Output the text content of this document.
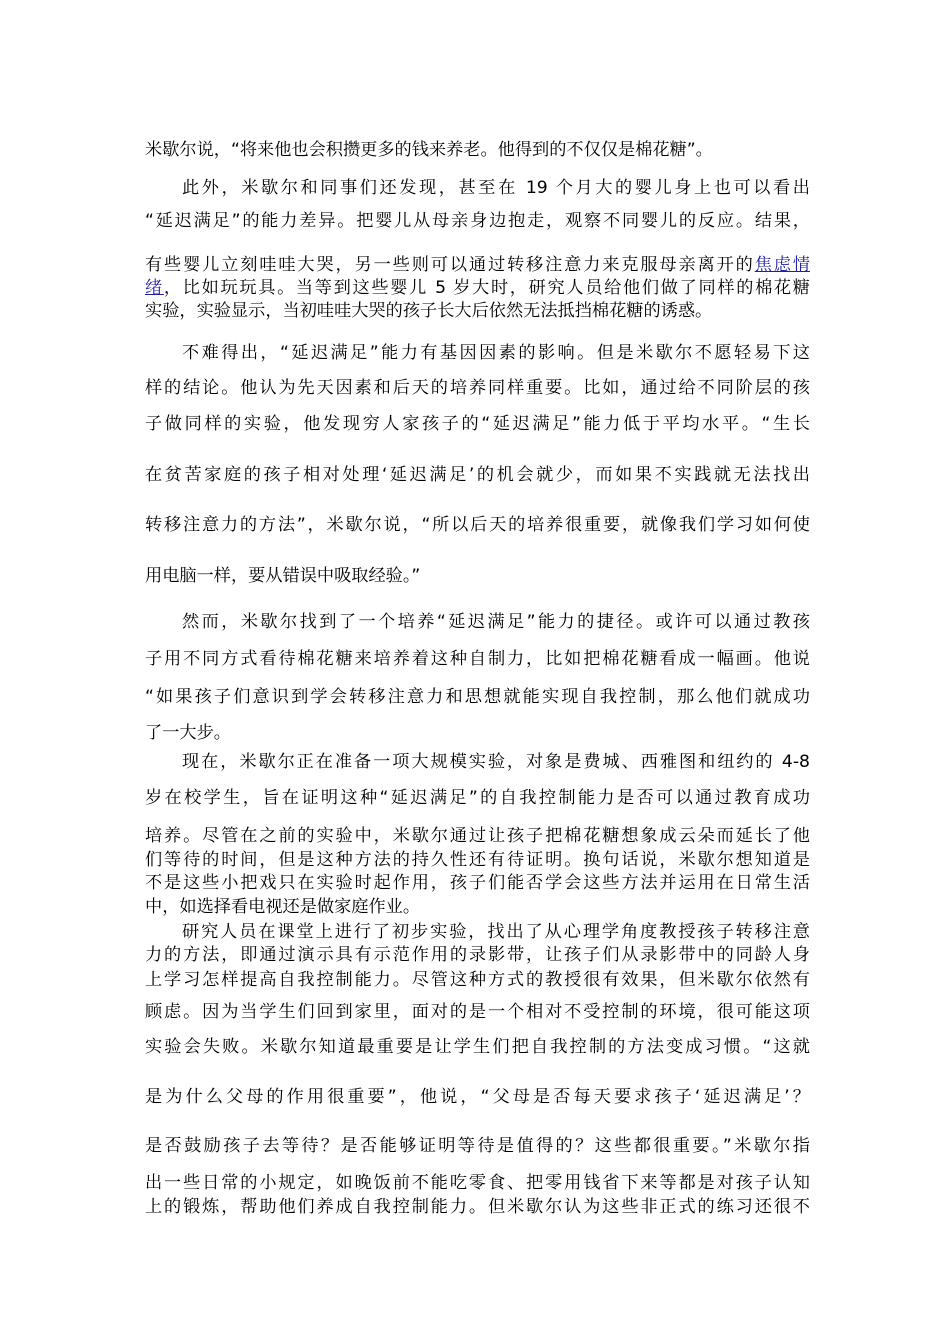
米歇尔说，“将来他也会积攒更多的钱来养老。他得到的不仅仅是棉花糖”。
此外，米歇尔和同事们还发现，甚至在 19 个月大的婴儿身上也可以看出
“延迟满足”的能力差异。把婴儿从母亲身边抱走，观察不同婴儿的反应。结果，
有些婴儿立刻哇哇大哭，另一些则可以通过转移注意力来克服母亲离开的焦虑情
绪，比如玩玩具。当等到这些婴儿 5 岁大时，研究人员给他们做了同样的棉花糖
实验，实验显示，当初哇哇大哭的孩子长大后依然无法抵挡棉花糖的诱惑。
不难得出，“延迟满足”能力有基因因素的影响。但是米歇尔不愿轻易下这
样的结论。他认为先天因素和后天的培养同样重要。比如，通过给不同阶层的孩
子做同样的实验，他发现穷人家孩子的“延迟满足”能力低于平均水平。“生长
在贫苦家庭的孩子相对处理‘延迟满足’的机会就少，而如果不实践就无法找出
转移注意力的方法”，米歇尔说，“所以后天的培养很重要，就像我们学习如何使
用电脑一样，要从错误中吸取经验。”
然而，米歇尔找到了一个培养“延迟满足”能力的捷径。或许可以通过教孩
子用不同方式看待棉花糖来培养着这种自制力，比如把棉花糖看成一幅画。他说
“如果孩子们意识到学会转移注意力和思想就能实现自我控制，那么他们就成功
了一大步。
现在，米歇尔正在准备一项大规模实验，对象是费城、西雅图和纽约的 4-8
岁在校学生，旨在证明这种“延迟满足”的自我控制能力是否可以通过教育成功
培养。尽管在之前的实验中，米歇尔通过让孩子把棉花糖想象成云朵而延长了他
们等待的时间，但是这种方法的持久性还有待证明。换句话说，米歇尔想知道是
不是这些小把戏只在实验时起作用，孩子们能否学会这些方法并运用在日常生活
中，如选择看电视还是做家庭作业。
研究人员在课堂上进行了初步实验，找出了从心理学角度教授孩子转移注意
力的方法，即通过演示具有示范作用的录影带，让孩子们从录影带中的同龄人身
上学习怎样提高自我控制能力。尽管这种方式的教授很有效果，但米歇尔依然有
顾虑。因为当学生们回到家里，面对的是一个相对不受控制的环境，很可能这项
实验会失败。米歇尔知道最重要是让学生们把自我控制的方法变成习惯。“这就
是为什么父母的作用很重要”，他说，“父母是否每天要求孩子‘延迟满足’？
是否鼓励孩子去等待？是否能够证明等待是值得的？这些都很重要。”米歇尔指
出一些日常的小规定，如晚饭前不能吃零食、把零用钱省下来等都是对孩子认知
上的锻炼，帮助他们养成自我控制能力。但米歇尔认为这些非正式的练习还很不
